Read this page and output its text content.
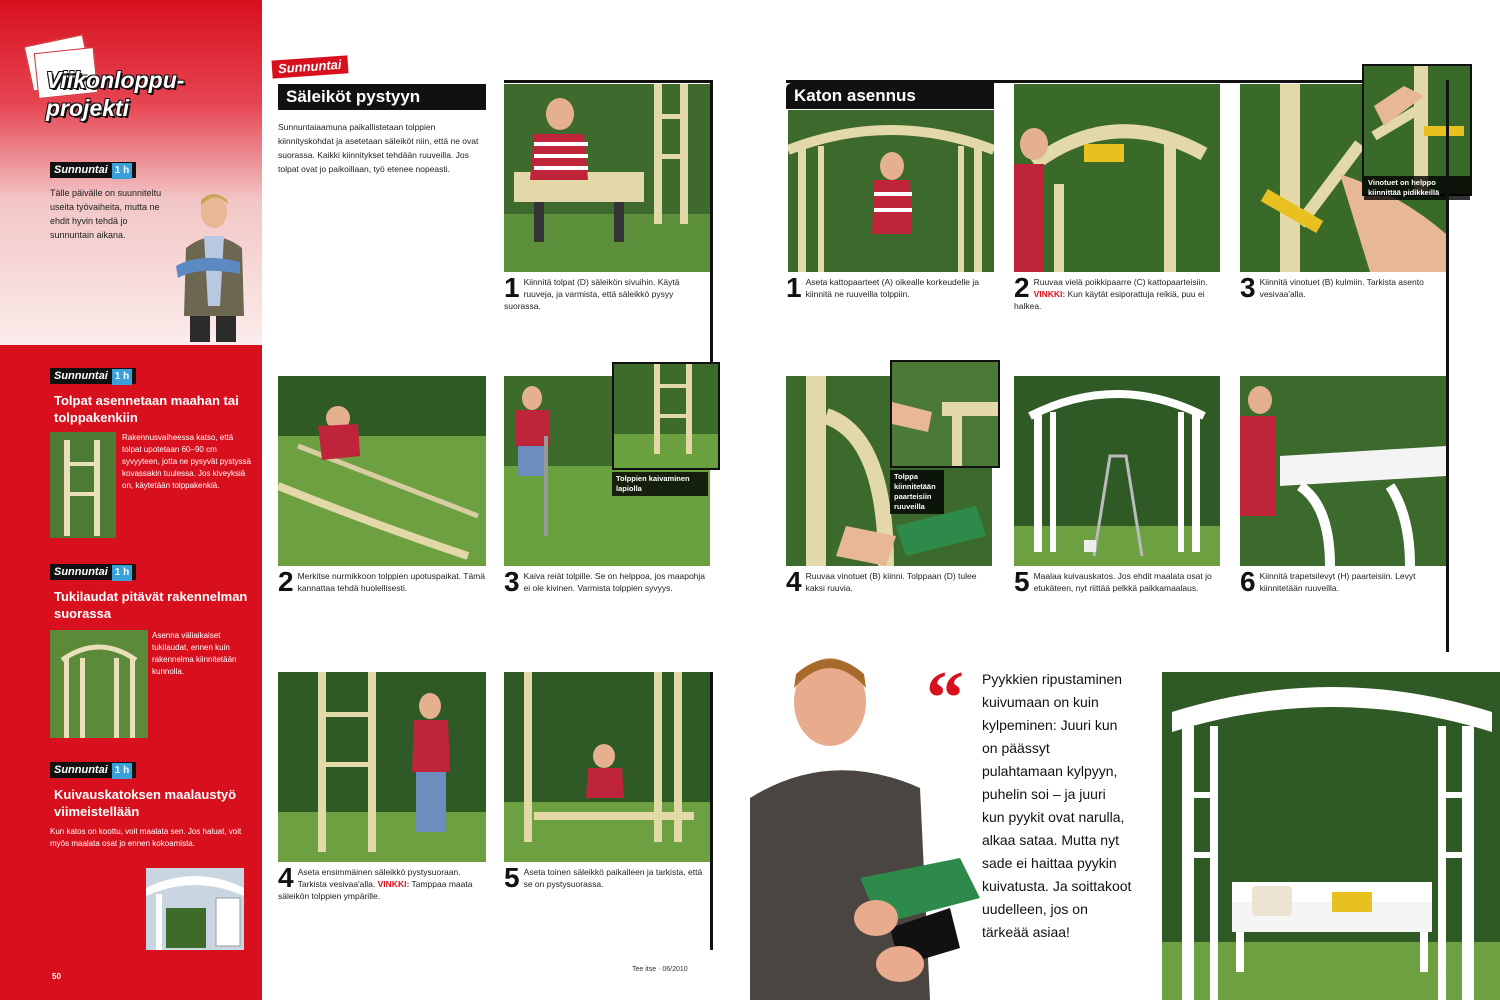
Viikonloppu-
projekti
Sunnuntai 1 h
Tälle päivälle on suunniteltu useita työvaiheita, mutta ne ehdit hyvin tehdä jo sunnuntain aikana.
Sunnuntai 1 h
Tolpat asennetaan maahan tai tolppakenkiin
Rakennusvaiheessa katso, että tolpat upotetaan 60–90 cm syvyyteen, jotta ne pysyvät pystyssä kovassakin tuulessa. Jos kiveyksiä on, käytetään tolppakenkiä.
Sunnuntai 1 h
Tukilaudat pitävät rakennelman suorassa
Asenna väliaikaiset tukilaudat, ennen kuin rakennelma kiinnitetään kunnolla.
Sunnuntai 1 h
Kuivauskatoksen maalaustyö viimeistellään
Kun katos on koottu, voit maalata sen. Jos haluat, voit myös maalata osat jo ennen kokoamista.
50
Sunnuntai
Säleiköt pystyyn
Sunnuntaiaamuna paikallistetaan tolppien kiinnityskohdat ja asetetaan säleiköt niin, että ne ovat suorassa. Kaikki kiinnitykset tehdään ruuveilla. Jos tolpat ovat jo paikoillaan, työ etenee nopeasti.
1 Kiinnitä tolpat (D) säleikön sivuihin. Käytä ruuveja, ja varmista, että säleikkö pysyy suorassa.
2 Merkitse nurmikkoon tolppien upotuspaikat. Tämä kannattaa tehdä huolellisesti.
Tolppien kaivaminen lapiolla
3 Kaiva reiät tolpille. Se on helppoa, jos maapohja ei ole kivinen. Varmista tolppien syvyys.
4 Aseta ensimmäinen säleikkö pystysuoraan. Tarkista vesivaa'alla. VINKKI: Tamppaa maata säleikön tolppien ympärille.
5 Aseta toinen säleikkö paikalleen ja tarkista, että se on pystysuorassa.
Tee itse · 06/2010
Katon asennus
1 Aseta kattopaarteet (A) oikealle korkeudelle ja kiinnitä ne ruuveilla tolppiin.	2 Ruuvaa vielä poikkipaarre (C) kattopaarteisiin. VINKKI: Kun käytät esiporattuja reikiä, puu ei halkea.
Vinotuet on helppo kiinnittää pidikkeillä
3 Kiinnitä vinotuet (B) kulmiin. Tarkista asento vesivaa'alla.
Tolppa kiinnitetään paarteisiin ruuveilla
4 Ruuvaa vinotuet (B) kiinni. Tolppaan (D) tulee kaksi ruuvia.	5 Maalaa kuivauskatos. Jos ehdit maalata osat jo etukäteen, nyt riittää pelkkä paikkamaalaus.	6 Kiinnitä trapetsilevyt (H) paarteisiin. Levyt kiinnitetään ruuveilla.
“ Pyykkien ripustaminen kuivumaan on kuin kylpeminen: Juuri kun on päässyt pulahtamaan kylpyyn, puhelin soi – ja juuri kun pyykit ovat narulla, alkaa sataa. Mutta nyt sade ei haittaa pyykin kuivatusta. Ja soittakoot uudelleen, jos on tärkeää asiaa!
